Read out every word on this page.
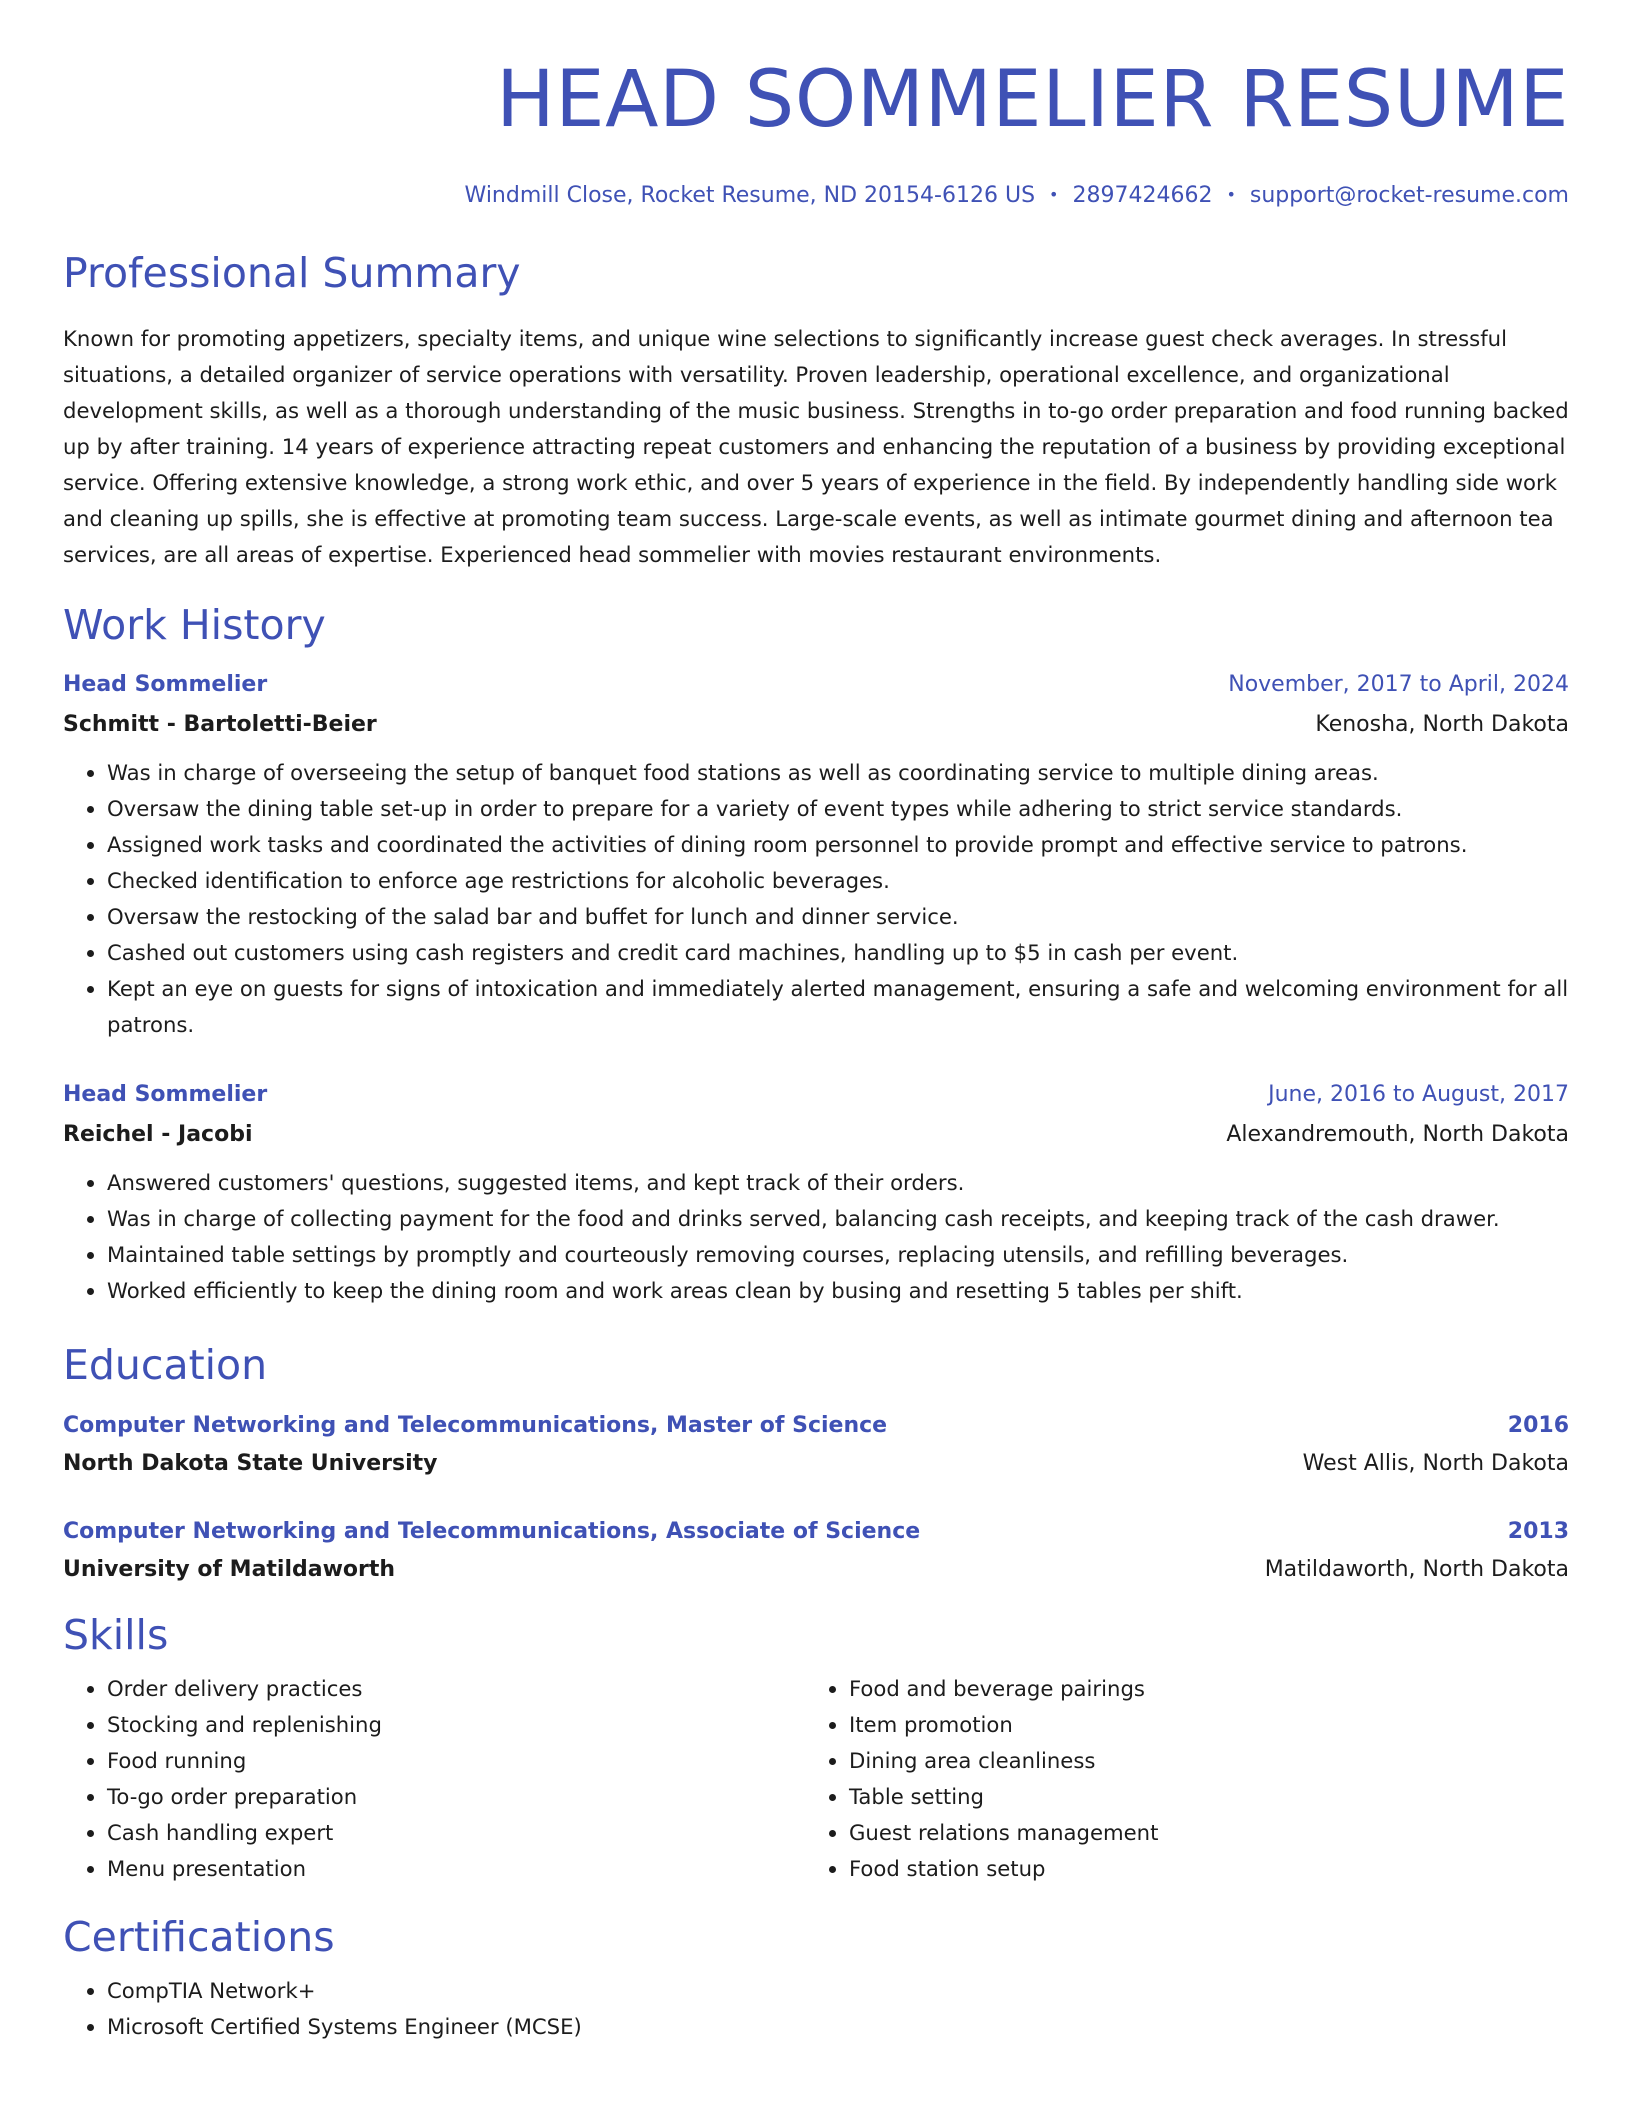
HEAD SOMMELIER RESUME
Windmill Close, Rocket Resume, ND 20154-6126 US • 2897424662 • support@rocket-resume.com
Professional Summary

Known for promoting appetizers, specialty items, and unique wine selections to significantly increase guest check averages. In stressful situations, a detailed organizer of service operations with versatility. Proven leadership, operational excellence, and organizational development skills, as well as a thorough understanding of the music business. Strengths in to-go order preparation and food running backed up by after training. 14 years of experience attracting repeat customers and enhancing the reputation of a business by providing exceptional service. Offering extensive knowledge, a strong work ethic, and over 5 years of experience in the field. By independently handling side work and cleaning up spills, she is effective at promoting team success. Large-scale events, as well as intimate gourmet dining and afternoon tea services, are all areas of expertise. Experienced head sommelier with movies restaurant environments.

Work History
Head Sommelier	November, 2017 to April, 2024
Schmitt - Bartoletti-Beier	Kenosha, North Dakota
• Was in charge of overseeing the setup of banquet food stations as well as coordinating service to multiple dining areas.
• Oversaw the dining table set-up in order to prepare for a variety of event types while adhering to strict service standards.
• Assigned work tasks and coordinated the activities of dining room personnel to provide prompt and effective service to patrons.
• Checked identification to enforce age restrictions for alcoholic beverages.
• Oversaw the restocking of the salad bar and buffet for lunch and dinner service.
• Cashed out customers using cash registers and credit card machines, handling up to $5 in cash per event.
• Kept an eye on guests for signs of intoxication and immediately alerted management, ensuring a safe and welcoming environment for all patrons.
Head Sommelier	June, 2016 to August, 2017
Reichel - Jacobi	Alexandremouth, North Dakota
• Answered customers' questions, suggested items, and kept track of their orders.
• Was in charge of collecting payment for the food and drinks served, balancing cash receipts, and keeping track of the cash drawer.
• Maintained table settings by promptly and courteously removing courses, replacing utensils, and refilling beverages.
• Worked efficiently to keep the dining room and work areas clean by busing and resetting 5 tables per shift.
Education
Computer Networking and Telecommunications, Master of Science	2016
North Dakota State University	West Allis, North Dakota
Computer Networking and Telecommunications, Associate of Science	2013
University of Matildaworth	Matildaworth, North Dakota
Skills
• Order delivery practices
• Stocking and replenishing
• Food running
• To-go order preparation
• Cash handling expert
• Menu presentation
• Food and beverage pairings
• Item promotion
• Dining area cleanliness
• Table setting
• Guest relations management
• Food station setup
Certifications
• CompTIA Network+
• Microsoft Certified Systems Engineer (MCSE)
